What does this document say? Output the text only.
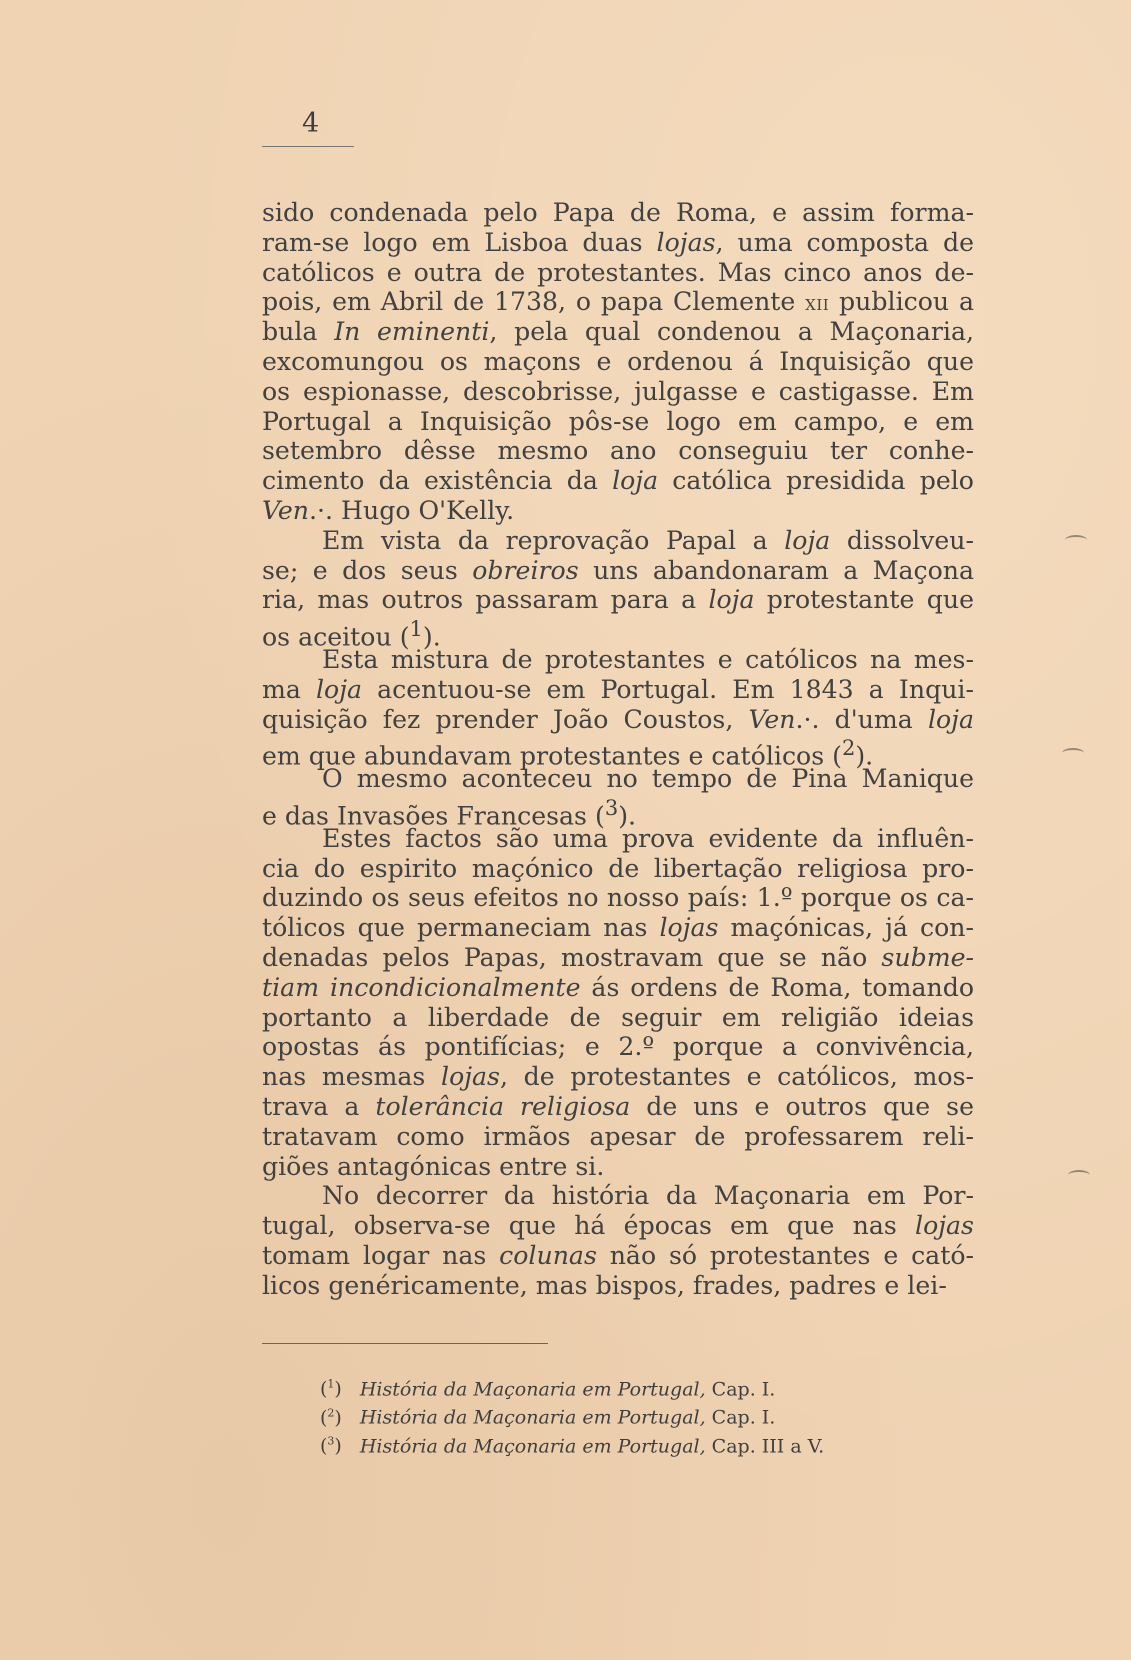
4
sido condenada pelo Papa de Roma, e assim forma-
ram-se logo em Lisboa duas lojas, uma composta de
católicos e outra de protestantes. Mas cinco anos de-
pois, em Abril de 1738, o papa Clemente XII publicou a
bula In eminenti, pela qual condenou a Maçonaria,
excomungou os maçons e ordenou á Inquisição que
os espionasse, descobrisse, julgasse e castigasse. Em
Portugal a Inquisição pôs-se logo em campo, e em
setembro dêsse mesmo ano conseguiu ter conhe-
cimento da existência da loja católica presidida pelo
Ven.·. Hugo O'Kelly.
Em vista da reprovação Papal a loja dissolveu-
se; e dos seus obreiros uns abandonaram a Maçona
ria, mas outros passaram para a loja protestante que
os aceitou ($^1$).
Esta mistura de protestantes e católicos na mes-
ma loja acentuou-se em Portugal. Em 1843 a Inqui-
quisição fez prender João Coustos, Ven.·. d'uma loja
em que abundavam protestantes e católicos ($^2$).
O mesmo aconteceu no tempo de Pina Manique
e das Invasões Francesas ($^3$).
Estes factos são uma prova evidente da influên-
cia do espirito maçónico de libertação religiosa pro-
duzindo os seus efeitos no nosso país: 1.º porque os ca-
tólicos que permaneciam nas lojas maçónicas, já con-
denadas pelos Papas, mostravam que se não subme-
tiam incondicionalmente ás ordens de Roma, tomando
portanto a liberdade de seguir em religião ideias
opostas ás pontifícias; e 2.º porque a convivência,
nas mesmas lojas, de protestantes e católicos, mos-
trava a tolerância religiosa de uns e outros que se
tratavam como irmãos apesar de professarem reli-
giões antagónicas entre si.
No decorrer da história da Maçonaria em Por-
tugal, observa-se que há épocas em que nas lojas
tomam logar nas colunas não só protestantes e cató-
licos genéricamente, mas bispos, frades, padres e lei-
($^1$) História da Maçonaria em Portugal, Cap. I.
($^2$) História da Maçonaria em Portugal, Cap. I.
($^3$) História da Maçonaria em Portugal, Cap. III a V.
